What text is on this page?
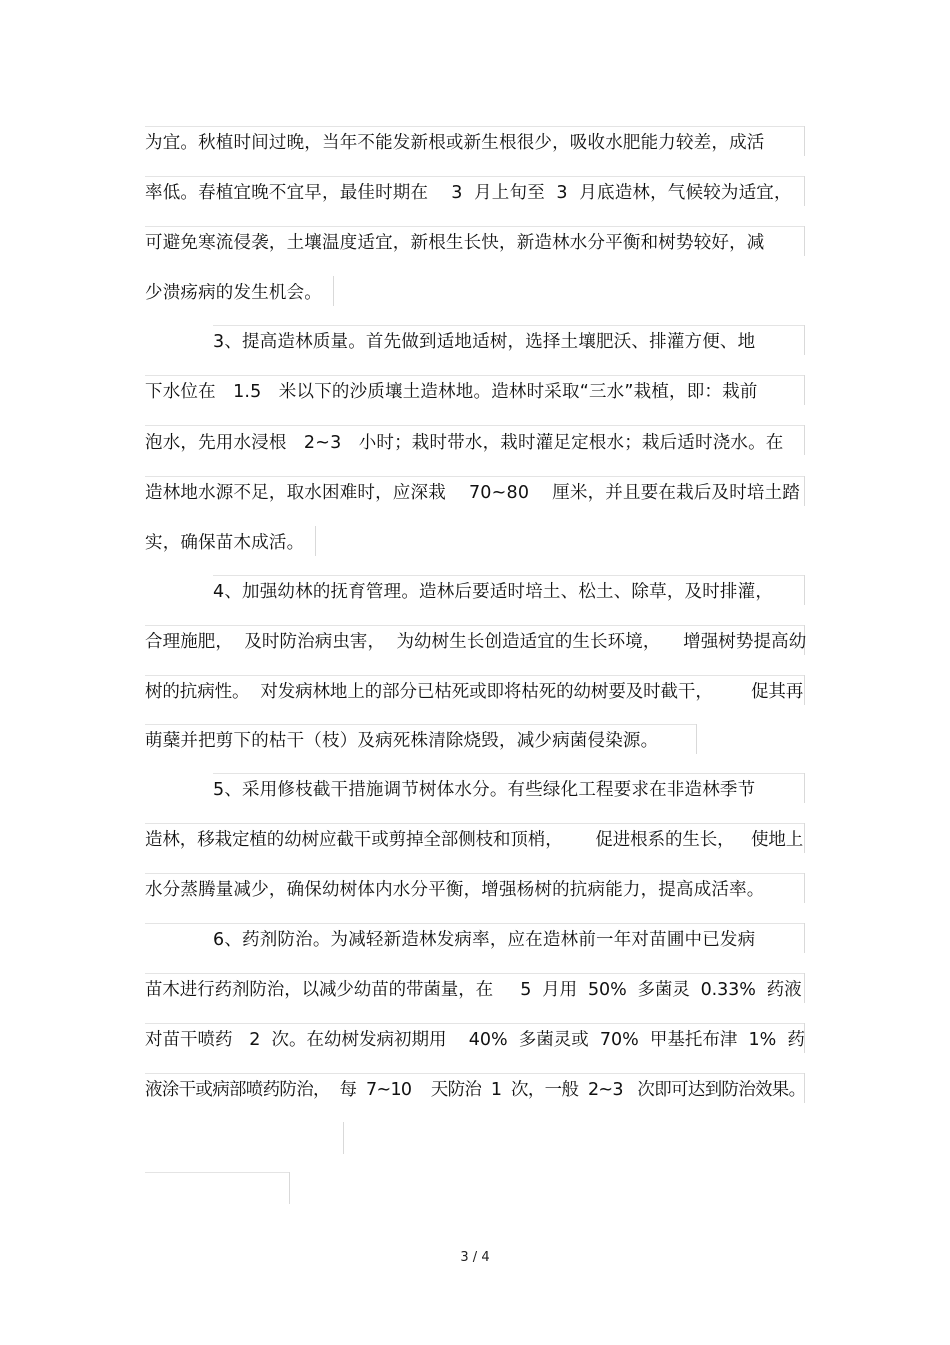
为宜。秋植时间过晚，当年不能发新根或新生根很少，吸收水肥能力较差，成活
率低。春植宜晚不宜早，最佳时期在    3  月上旬至  3  月底造林，气候较为适宜，
可避免寒流侵袭，土壤温度适宜，新根生长快，新造林水分平衡和树势较好，减
少溃疡病的发生机会。
3、提高造林质量。首先做到适地适树，选择土壤肥沃、排灌方便、地
下水位在   1.5   米以下的沙质壤土造林地。造林时采取“三水”栽植，即：栽前
泡水，先用水浸根   2~3   小时；栽时带水，栽时灌足定根水；栽后适时浇水。在
造林地水源不足，取水困难时，应深栽    70~80    厘米，并且要在栽后及时培土踏
实，确保苗木成活。
4、加强幼林的抚育管理。造林后要适时培土、松土、除草，及时排灌，
合理施肥，  及时防治病虫害，  为幼树生长创造适宜的生长环境，    增强树势提高幼
树的抗病性。  对发病林地上的部分已枯死或即将枯死的幼树要及时截干，       促其再
萌蘖并把剪下的枯干（枝）及病死株清除烧毁，减少病菌侵染源。
5、采用修枝截干措施调节树体水分。有些绿化工程要求在非造林季节
造林，移栽定植的幼树应截干或剪掉全部侧枝和顶梢，      促进根系的生长，   使地上
水分蒸腾量减少，确保幼树体内水分平衡，增强杨树的抗病能力，提高成活率。
6、药剂防治。为减轻新造林发病率，应在造林前一年对苗圃中已发病
苗木进行药剂防治，以减少幼苗的带菌量，在     5  月用  50%  多菌灵  0.33%  药液
对苗干喷药   2  次。在幼树发病初期用    40%  多菌灵或  70%  甲基托布津  1%  药
液涂干或病部喷药防治，  每  7~10    天防治  1  次，一般  2~3   次即可达到防治效果。
3 / 4
